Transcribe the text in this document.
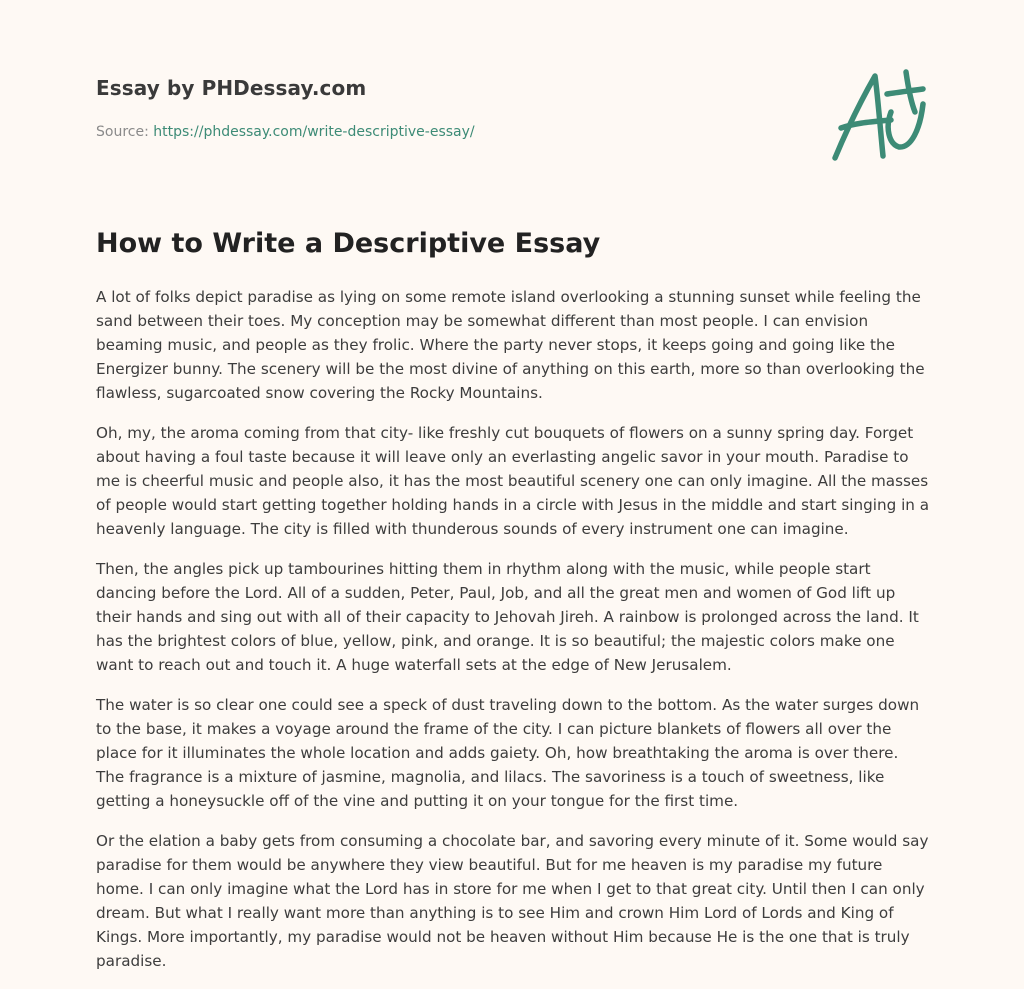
Essay by PHDessay.com
Source: https://phdessay.com/write-descriptive-essay/
How to Write a Descriptive Essay

A lot of folks depict paradise as lying on some remote island overlooking a stunning sunset while feeling the sand between their toes. My conception may be somewhat different than most people. I can envision beaming music, and people as they frolic. Where the party never stops, it keeps going and going like the Energizer bunny. The scenery will be the most divine of anything on this earth, more so than overlooking the flawless, sugarcoated snow covering the Rocky Mountains.

Oh, my, the aroma coming from that city- like freshly cut bouquets of flowers on a sunny spring day. Forget about having a foul taste because it will leave only an everlasting angelic savor in your mouth. Paradise to me is cheerful music and people also, it has the most beautiful scenery one can only imagine. All the masses of people would start getting together holding hands in a circle with Jesus in the middle and start singing in a heavenly language. The city is filled with thunderous sounds of every instrument one can imagine.

Then, the angles pick up tambourines hitting them in rhythm along with the music, while people start dancing before the Lord. All of a sudden, Peter, Paul, Job, and all the great men and women of God lift up their hands and sing out with all of their capacity to Jehovah Jireh. A rainbow is prolonged across the land. It has the brightest colors of blue, yellow, pink, and orange. It is so beautiful; the majestic colors make one want to reach out and touch it. A huge waterfall sets at the edge of New Jerusalem.

The water is so clear one could see a speck of dust traveling down to the bottom. As the water surges down to the base, it makes a voyage around the frame of the city. I can picture blankets of flowers all over the place for it illuminates the whole location and adds gaiety. Oh, how breathtaking the aroma is over there. The fragrance is a mixture of jasmine, magnolia, and lilacs. The savoriness is a touch of sweetness, like getting a honeysuckle off of the vine and putting it on your tongue for the first time.

Or the elation a baby gets from consuming a chocolate bar, and savoring every minute of it. Some would say paradise for them would be anywhere they view beautiful. But for me heaven is my paradise my future home. I can only imagine what the Lord has in store for me when I get to that great city. Until then I can only dream. But what I really want more than anything is to see Him and crown Him Lord of Lords and King of Kings. More importantly, my paradise would not be heaven without Him because He is the one that is truly paradise.
